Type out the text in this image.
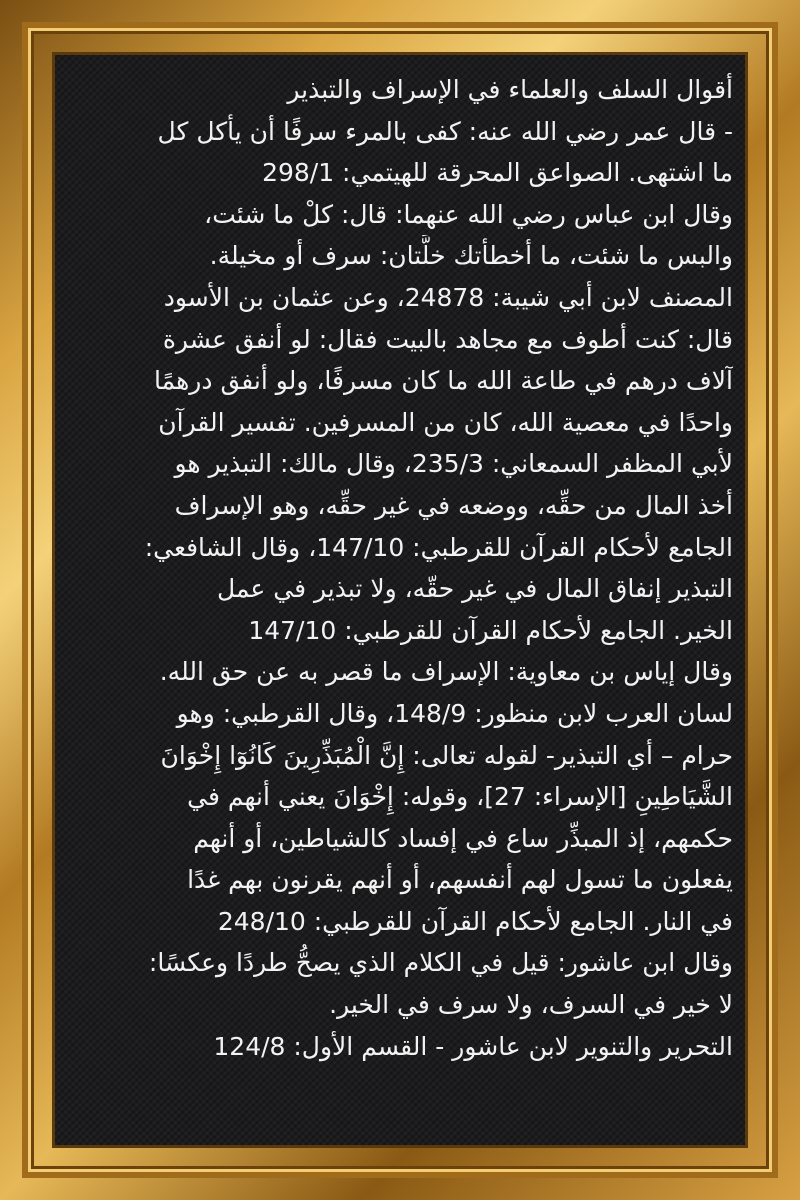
أقوال السلف والعلماء في الإسراف والتبذير
- قال عمر رضي الله عنه: كفى بالمرء سرفًا أن يأكل كل
ما اشتهى. الصواعق المحرقة للهيتمي: 298/1
وقال ابن عباس رضي الله عنهما: قال: كلْ ما شئت،
والبس ما شئت، ما أخطأتك خلَّتان: سرف أو مخيلة.
المصنف لابن أبي شيبة: 24878، وعن عثمان بن الأسود
قال: كنت أطوف مع مجاهد بالبيت فقال: لو أنفق عشرة
آلاف درهم في طاعة الله ما كان مسرفًا، ولو أنفق درهمًا
واحدًا في معصية الله، كان من المسرفين. تفسير القرآن
لأبي المظفر السمعاني: 235/3، وقال مالك: التبذير هو
أخذ المال من حقِّه، ووضعه في غير حقِّه، وهو الإسراف
الجامع لأحكام القرآن للقرطبي: 147/10، وقال الشافعي:
التبذير إنفاق المال في غير حقّه، ولا تبذير في عمل
الخير. الجامع لأحكام القرآن للقرطبي: 147/10
وقال إياس بن معاوية: الإسراف ما قصر به عن حق الله.
لسان العرب لابن منظور: 148/9، وقال القرطبي: وهو
حرام – أي التبذير- لقوله تعالى: إِنَّ الْمُبَذِّرِينَ كَانُوٓا إِخْوَانَ
الشَّيَاطِينِ [الإسراء: 27]، وقوله: إِخْوَانَ يعني أنهم في
حكمهم، إذ المبذِّر ساع في إفساد كالشياطين، أو أنهم
يفعلون ما تسول لهم أنفسهم، أو أنهم يقرنون بهم غدًا
في النار. الجامع لأحكام القرآن للقرطبي: 248/10
وقال ابن عاشور: قيل في الكلام الذي يصحُّ طردًا وعكسًا:
لا خير في السرف، ولا سرف في الخير.
التحرير والتنوير لابن عاشور - القسم الأول: 124/8
